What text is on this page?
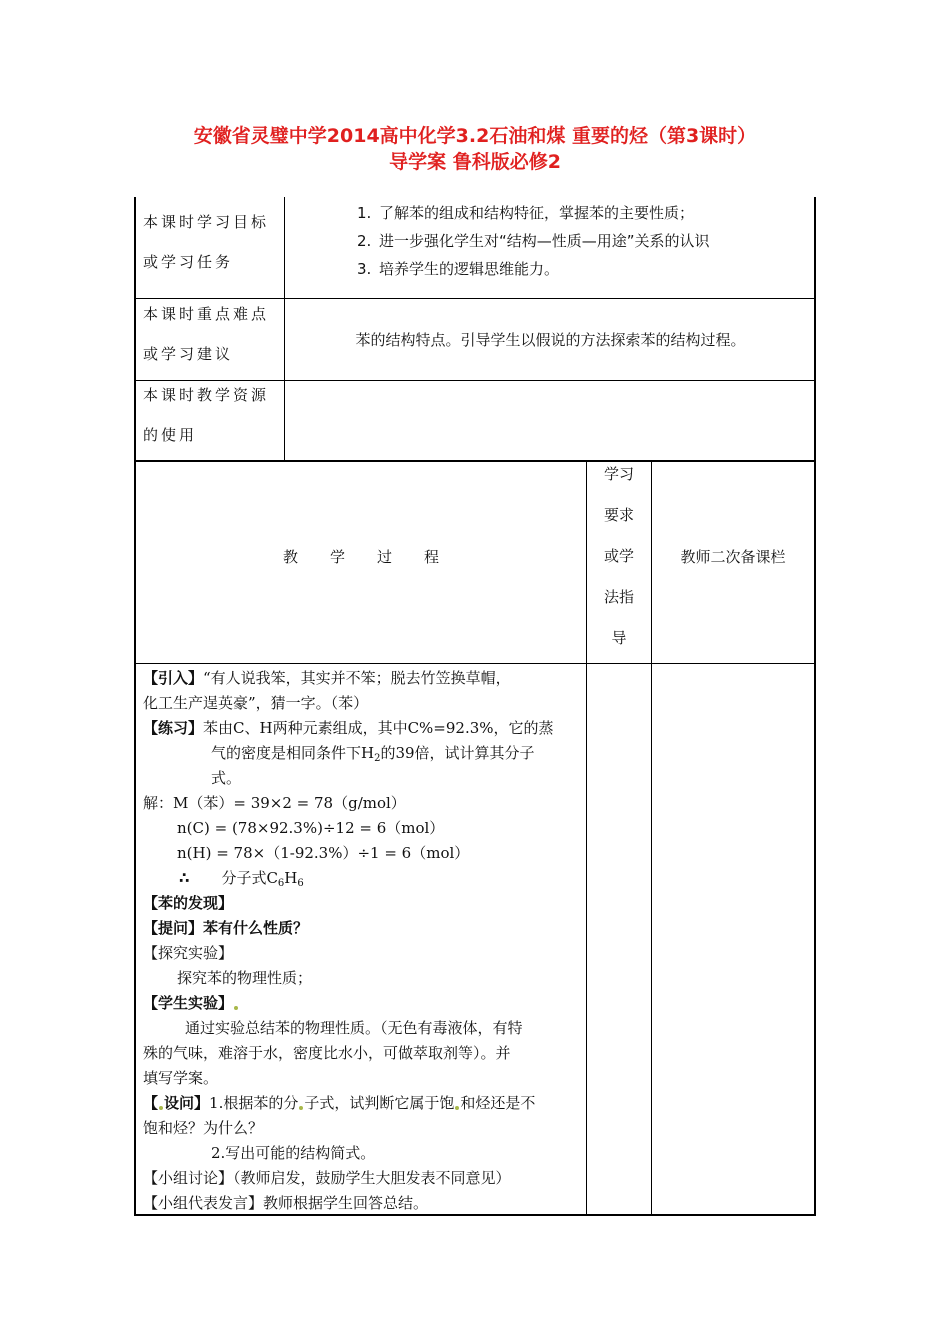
安徽省灵璧中学2014高中化学3.2石油和煤 重要的烃（第3课时）
导学案 鲁科版必修2
本课时学习目标
或学习任务
1. 了解苯的组成和结构特征，掌握苯的主要性质；
2. 进一步强化学生对“结构—性质—用途”关系的认识
3. 培养学生的逻辑思维能力。
本课时重点难点
或学习建议
苯的结构特点。引导学生以假说的方法探索苯的结构过程。
本课时教学资源
的使用
教学过程
学习
要求
或学
法指
导
教师二次备课栏
【引入】“有人说我笨，其实并不笨；脱去竹笠换草帽，
化工生产逞英豪”，猜一字。（苯）
【练习】苯由C、H两种元素组成，其中C%=92.3%，它的蒸
气的密度是相同条件下$H_2$的39倍，试计算其分子
式。
解：M（苯）= 39×2 = 78（g/mol）
n(C) = (78×92.3%)÷12 = 6（mol）
n(H) = 78×（1-92.3%）÷1 = 6（mol）
∴ 分子式$C_6H_6$
【苯的发现】
【提问】苯有什么性质？
【探究实验】
探究苯的物理性质；
【学生实验】
通过实验总结苯的物理性质。（无色有毒液体，有特
殊的气味，难溶于水，密度比水小，可做萃取剂等）。并
填写学案。
【 设问】1.根据苯的分 子式，试判断它属于饱 和烃还是不
饱和烃？为什么？
2.写出可能的结构简式。
【小组讨论】（教师启发，鼓励学生大胆发表不同意见）
【小组代表发言】教师根据学生回答总结。
